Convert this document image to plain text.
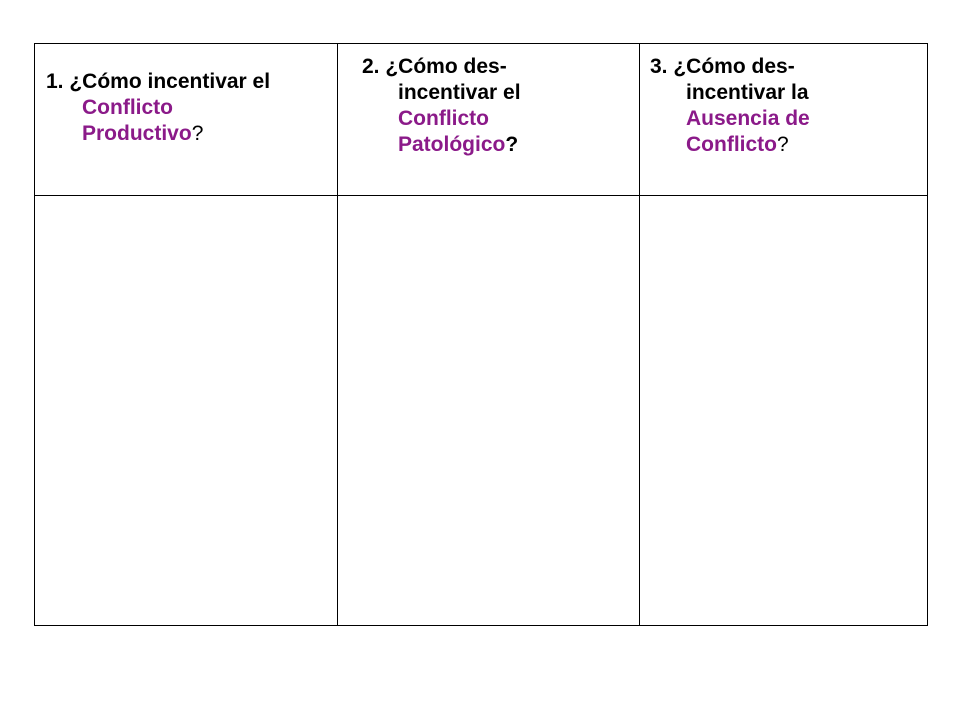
1. ¿Cómo incentivar el
Conflicto
Productivo?	2. ¿Cómo des-
incentivar el
Conflicto
Patológico?	3. ¿Cómo des-
incentivar la
Ausencia de
Conflicto?
